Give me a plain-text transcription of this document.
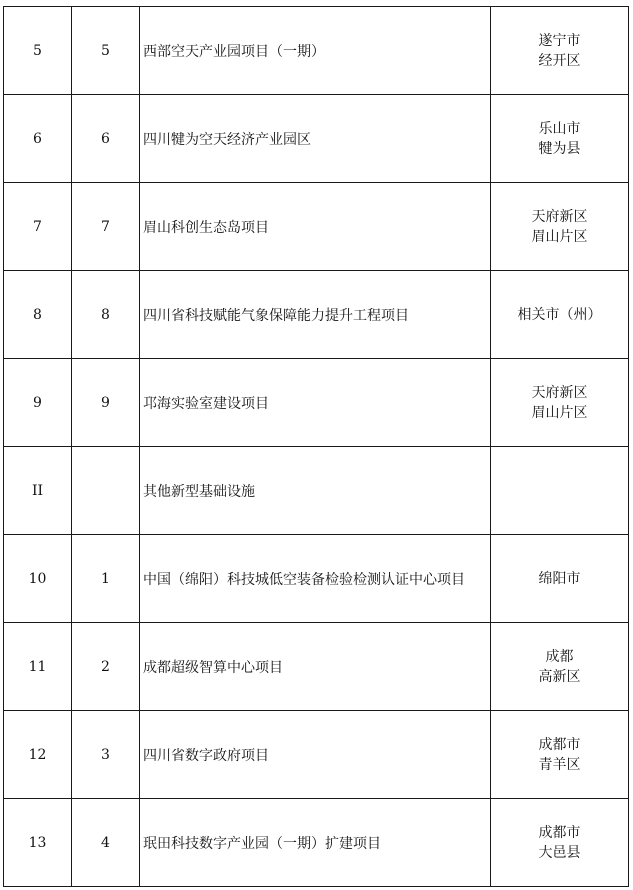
5	5	西部空天产业园项目（一期）	遂宁市
经开区

6	6	四川犍为空天经济产业园区	乐山市
犍为县

7	7	眉山科创生态岛项目	天府新区
眉山片区

8	8	四川省科技赋能气象保障能力提升工程项目	相关市（州）

9	9	邛海实验室建设项目	天府新区
眉山片区

II		其他新型基础设施	

10	1	中国（绵阳）科技城低空装备检验检测认证中心项目	绵阳市

11	2	成都超级智算中心项目	成都
高新区

12	3	四川省数字政府项目	成都市
青羊区

13	4	珉田科技数字产业园（一期）扩建项目	成都市
大邑县
